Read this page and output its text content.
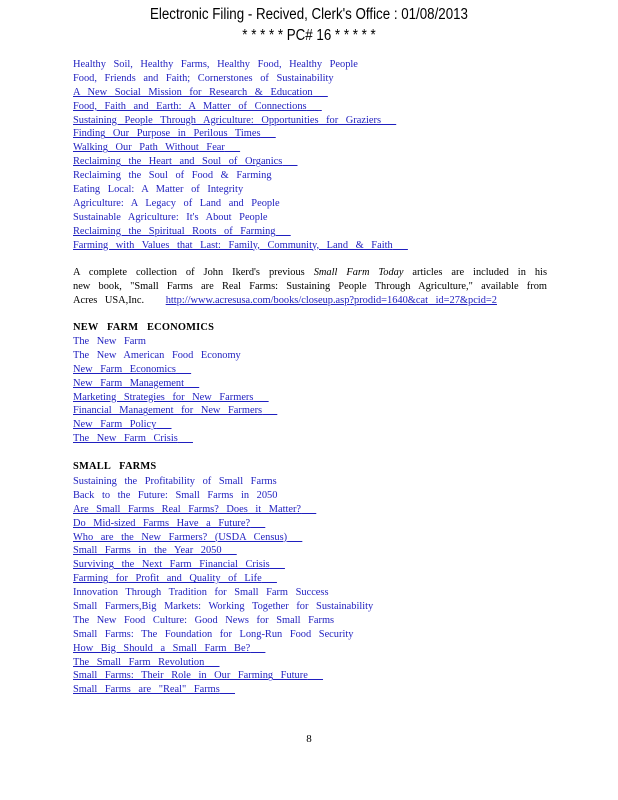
Electronic Filing - Recived, Clerk's Office : 01/08/2013
* * * * * PC# 16 * * * * *
Healthy Soil, Healthy Farms, Healthy Food, Healthy People
Food, Friends and Faith; Cornerstones of Sustainability
A New Social Mission for Research & Education
Food, Faith and Earth: A Matter of Connections
Sustaining People Through Agriculture: Opportunities for Graziers
Finding Our Purpose in Perilous Times
Walking Our Path Without Fear
Reclaiming the Heart and Soul of Organics
Reclaiming the Soul of Food & Farming
Eating Local: A Matter of Integrity
Agriculture: A Legacy of Land and People
Sustainable Agriculture: It's About People
Reclaiming the Spiritual Roots of Farming
Farming with Values that Last: Family, Community, Land & Faith
A complete collection of John Ikerd's previous Small Farm Today articles are included in his new book, "Small Farms are Real Farms: Sustaining People Through Agriculture," available from Acres USA,Inc. http://www.acresusa.com/books/closeup.asp?prodid=1640&cat id=27&pcid=2
NEW FARM ECONOMICS
The New Farm
The New American Food Economy
New Farm Economics
New Farm Management
Marketing Strategies for New Farmers
Financial Management for New Farmers
New Farm Policy
The New Farm Crisis
SMALL FARMS
Sustaining the Profitability of Small Farms
Back to the Future: Small Farms in 2050
Are Small Farms Real Farms? Does it Matter?
Do Mid-sized Farms Have a Future?
Who are the New Farmers? (USDA Census)
Small Farms in the Year 2050
Surviving the Next Farm Financial Crisis
Farming for Profit and Quality of Life
Innovation Through Tradition for Small Farm Success
Small Farmers,Big Markets: Working Together for Sustainability
The New Food Culture: Good News for Small Farms
Small Farms: The Foundation for Long-Run Food Security
How Big Should a Small Farm Be?
The Small Farm Revolution
Small Farms: Their Role in Our Farming Future
Small Farms are "Real" Farms
8
